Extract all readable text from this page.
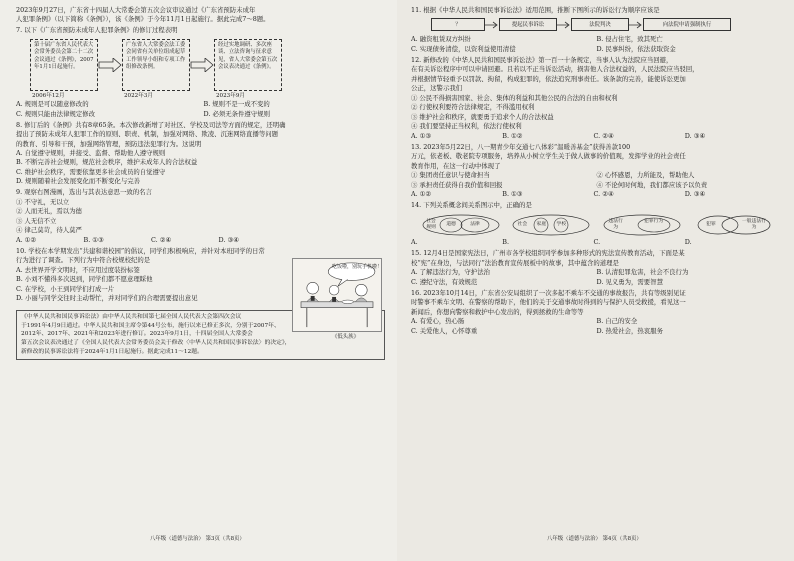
2023年9月27日，广东省十四届人大常委会第五次会议审议通过《广东省预防未成年
人犯罪条例》（以下简称《条例》），该《条例》于今年11月1日起施行。据此完成7～8题。
7. 以下《广东省预防未成年人犯罪条例》的修订过程表明
第十届广东省人民代表大会常务委员会第二十二次会议通过《条例》，2007年1月1日起施行。
广东省人大常委会法工委会同省有关单位组成起草工作领导小组和专项工作组修改条例。
经过实地调研、多次座谈、立法咨询与征求意见，省人大常委会第五次会议表决通过《条例》。
2006年12月	2022年3月	2023年9月
A. 规则是可以随意修改的	B. 规则不是一成不变的
C. 规则只能由法律规定修改	D. 必须无条件遵守规则
8. 修订后的《条例》共有8章65条。本次修改新增了对社区、学校及司法等方面的规定，还明确
提出了预防未成年人犯罪工作的原则、职责、机制，加强对网络、欺凌、沉迷网络直播等问题
的教育、引导和干预，加强网络管理，预防违法犯罪行为。这说明
A. 自觉遵守规则，并接受、监督、帮助他人遵守规则
B. 不断完善社会规则，规范社会秩序，维护未成年人的合法权益
C. 维护社会秩序，需要依靠更多社会成员的自觉遵守
D. 规则随着社会发展变化而不断变化与完善
9. 观察右图漫画，选出与其表达意思一致的名言
① 不守礼，无以立
② 人而无礼，焉以为德
③ 人无信不立
④ 律己莫苛，待人莫严
A. ①②	B. ①③	C. ②④	D. ③④
10. 学校在本学期发出“共建和谐校园”的倡议，同学们积极响应，并针对本班同学的日常
行为进行了调查。下列行为中符合校规校纪的是
A. 去世界开学文明时，不应用过度装扮标签
B. 小刘不懂得多次迟到，同学们都不愿意理睬他
C. 在学校，小王到同学们打成一片
D. 小丽与同学交往时主动帮忙，并对同学们的合理需要提出意见
《中华人民共和国民事诉讼法》由中华人民共和国第七届全国人民代表大会第四次会议
于1991年4月9日通过。中华人民共和国主席令第44号公布，施行以来已修正多次，分别于2007年、
2012年、2017年、2021年和2023年进行修订。2023年9月1日，十四届全国人大常委会
第五次会议表决通过了《全国人民代表大会常务委员会关于修改〈中华人民共和国民事诉讼法〉的决定》，
新修改的民事诉讼法将于2024年1月1日起施行。据此完成11～12题。
八年级（道德与法治） 第3页（共8页）
吃饭啦，别玩手机啦！
《低头族》
11. 根据《中华人民共和国民事诉讼法》适用范围，推断下图所示的诉讼行为顺序应该是
？	提起民事诉讼	法院判决	向法院申请强制执行
A. 融资租赁双方纠纷	B. 侵占住宅，致其死亡
C. 实现债务清偿，以资利益使用清偿	D. 民事纠纷，依法获取资金
12. 新修改的《中华人民共和国民事诉讼法》第一百一十条规定，当事人认为法院应当回避，
在有关诉讼程序中可以申请回避。且若以不正当诉讼活动，损害他人合法权益的，人民法院应当驳回，
并根据情节轻重予以罚款、拘留，构成犯罪的，依法追究刑事责任。该条款的完善，能使诉讼更加
公正，这警示我们
① 公民不得损害国家、社会、集体的利益和其他公民的合法的自由和权利
② 行使权利要符合法律规定，不得滥用权利
③ 维护社会和秩序，就要勇于追求个人的合法权益
④ 我们要坚持正当权利，依法行使权利
A. ①③	B. ①②	C. ②④	D. ③④
13. 2023年5月22日，八一期青少年交通七八体彩“温暖善基金”获得善款100
万元，依老板、敬老院专项服务，培养从小树立学生关于做人做事的价值观，发挥学业的社会责任
教育作用，在这一行动中体现了
① 集团责任意识与使命担当	② 心怀感恩，力所能及，帮助他人
③ 承担责任获得自我价值和回报	④ 不论何时何地，我们都应该予以负责
A. ①②	B. ①③	C. ②④	D. ③④
14. 下列关系概念间关系图示中，正确的是
社会规则	道德	法律	社会	家庭	学校
违法行为
犯罪行为
犯罪
一般违法行为
A.	B.	C.	D.
15. 12月4日是国家宪法日，广州市各学校组织同学参加多种形式的宪法宣传教育活动，下面是某
校“宪”在身边，与法同行”法治教育宣传展板中的故事，其中蕴含的道理是
A. 了解违法行为，守护法治	B. 认清犯罪危害，社会不良行为
C. 遵纪守法，有效规范	D. 见义勇为，需要智慧
16. 2023年10月14日，广东省公安局组织了一次多起不乘车不交通的事故报告，共有等级别见证
时警事不乘车文明、在警察的帮助下，他们的关于交通事故时得到的与保护人员受救援，看见这一
新闻后，你想向警察和救护中心发出的，得到拯救的生命等等
A. 有爱心，热心肠	B. 自己的安全
C. 关爱他人，心怀尊重	D. 热爱社会，热衷服务
八年级（道德与法治） 第4页（共8页）
